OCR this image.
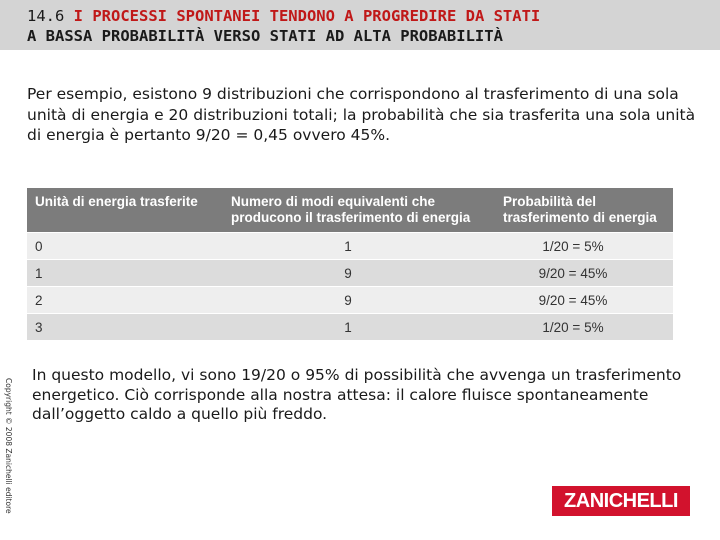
14.6 I PROCESSI SPONTANEI TENDONO A PROGREDIRE DA STATI
A BASSA PROBABILITÀ VERSO STATI AD ALTA PROBABILITÀ
Per esempio, esistono 9 distribuzioni che corrispondono al trasferimento di una sola unità di energia e 20 distribuzioni totali; la probabilità che sia trasferita una sola unità di energia è pertanto 9/20 = 0,45 ovvero 45%.
Unità di energia trasferite	Numero di modi equivalenti che producono il trasferimento di energia	Probabilità del trasferimento di energia
0	1	1/20 = 5%
1	9	9/20 = 45%
2	9	9/20 = 45%
3	1	1/20 = 5%
Copyright © 2008 Zanichelli editore
In questo modello, vi sono 19/20 o 95% di possibilità che avvenga un trasferimento energetico. Ciò corrisponde alla nostra attesa: il calore fluisce spontaneamente dall’oggetto caldo a quello più freddo.
ZANICHELLI
